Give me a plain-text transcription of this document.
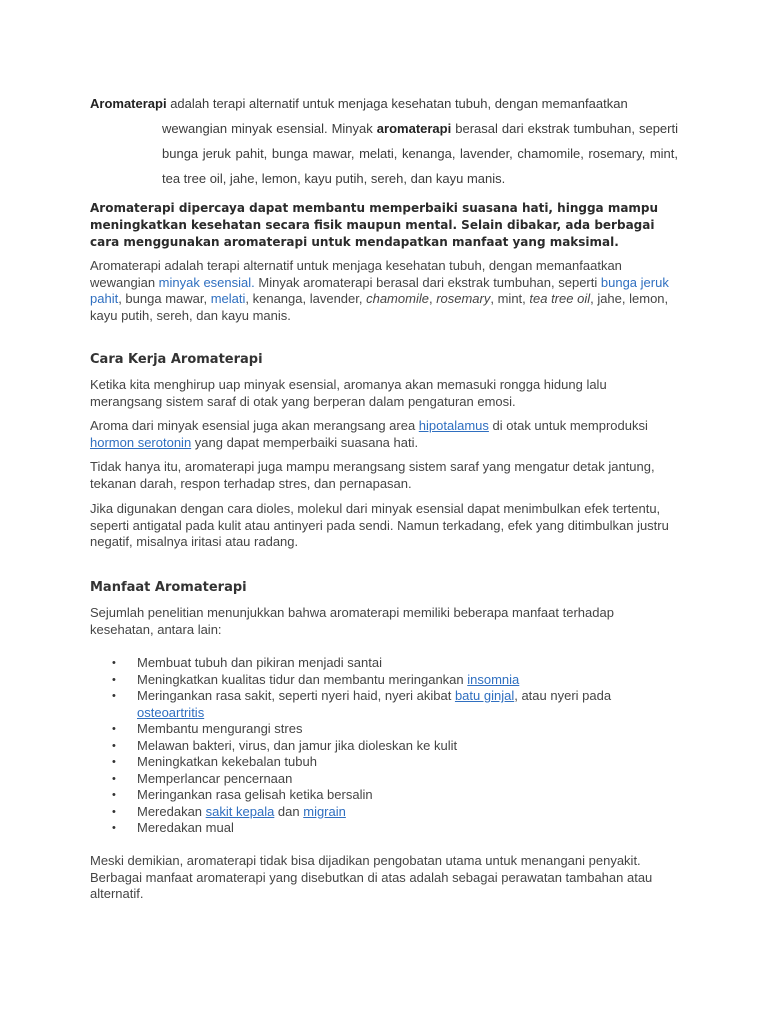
Aromaterapi adalah terapi alternatif untuk menjaga kesehatan tubuh, dengan memanfaatkan

wewangian minyak esensial. Minyak aromaterapi berasal dari ekstrak tumbuhan, seperti bunga jeruk pahit, bunga mawar, melati, kenanga, lavender, chamomile, rosemary, mint, tea tree oil, jahe, lemon, kayu putih, sereh, dan kayu manis.

Aromaterapi dipercaya dapat membantu memperbaiki suasana hati, hingga mampu meningkatkan kesehatan secara fisik maupun mental. Selain dibakar, ada berbagai cara menggunakan aromaterapi untuk mendapatkan manfaat yang maksimal.

Aromaterapi adalah terapi alternatif untuk menjaga kesehatan tubuh, dengan memanfaatkan wewangian minyak esensial. Minyak aromaterapi berasal dari ekstrak tumbuhan, seperti bunga jeruk pahit, bunga mawar, melati, kenanga, lavender, chamomile, rosemary, mint, tea tree oil, jahe, lemon, kayu putih, sereh, dan kayu manis.

Cara Kerja Aromaterapi

Ketika kita menghirup uap minyak esensial, aromanya akan memasuki rongga hidung lalu merangsang sistem saraf di otak yang berperan dalam pengaturan emosi.

Aroma dari minyak esensial juga akan merangsang area hipotalamus di otak untuk memproduksi hormon serotonin yang dapat memperbaiki suasana hati.

Tidak hanya itu, aromaterapi juga mampu merangsang sistem saraf yang mengatur detak jantung, tekanan darah, respon terhadap stres, dan pernapasan.

Jika digunakan dengan cara dioles, molekul dari minyak esensial dapat menimbulkan efek tertentu, seperti antigatal pada kulit atau antinyeri pada sendi. Namun terkadang, efek yang ditimbulkan justru negatif, misalnya iritasi atau radang.

Manfaat Aromaterapi

Sejumlah penelitian menunjukkan bahwa aromaterapi memiliki beberapa manfaat terhadap kesehatan, antara lain:

• Membuat tubuh dan pikiran menjadi santai
• Meningkatkan kualitas tidur dan membantu meringankan insomnia
• Meringankan rasa sakit, seperti nyeri haid, nyeri akibat batu ginjal, atau nyeri pada osteoartritis
• Membantu mengurangi stres
• Melawan bakteri, virus, dan jamur jika dioleskan ke kulit
• Meningkatkan kekebalan tubuh
• Memperlancar pencernaan
• Meringankan rasa gelisah ketika bersalin
• Meredakan sakit kepala dan migrain
• Meredakan mual

Meski demikian, aromaterapi tidak bisa dijadikan pengobatan utama untuk menangani penyakit. Berbagai manfaat aromaterapi yang disebutkan di atas adalah sebagai perawatan tambahan atau alternatif.
